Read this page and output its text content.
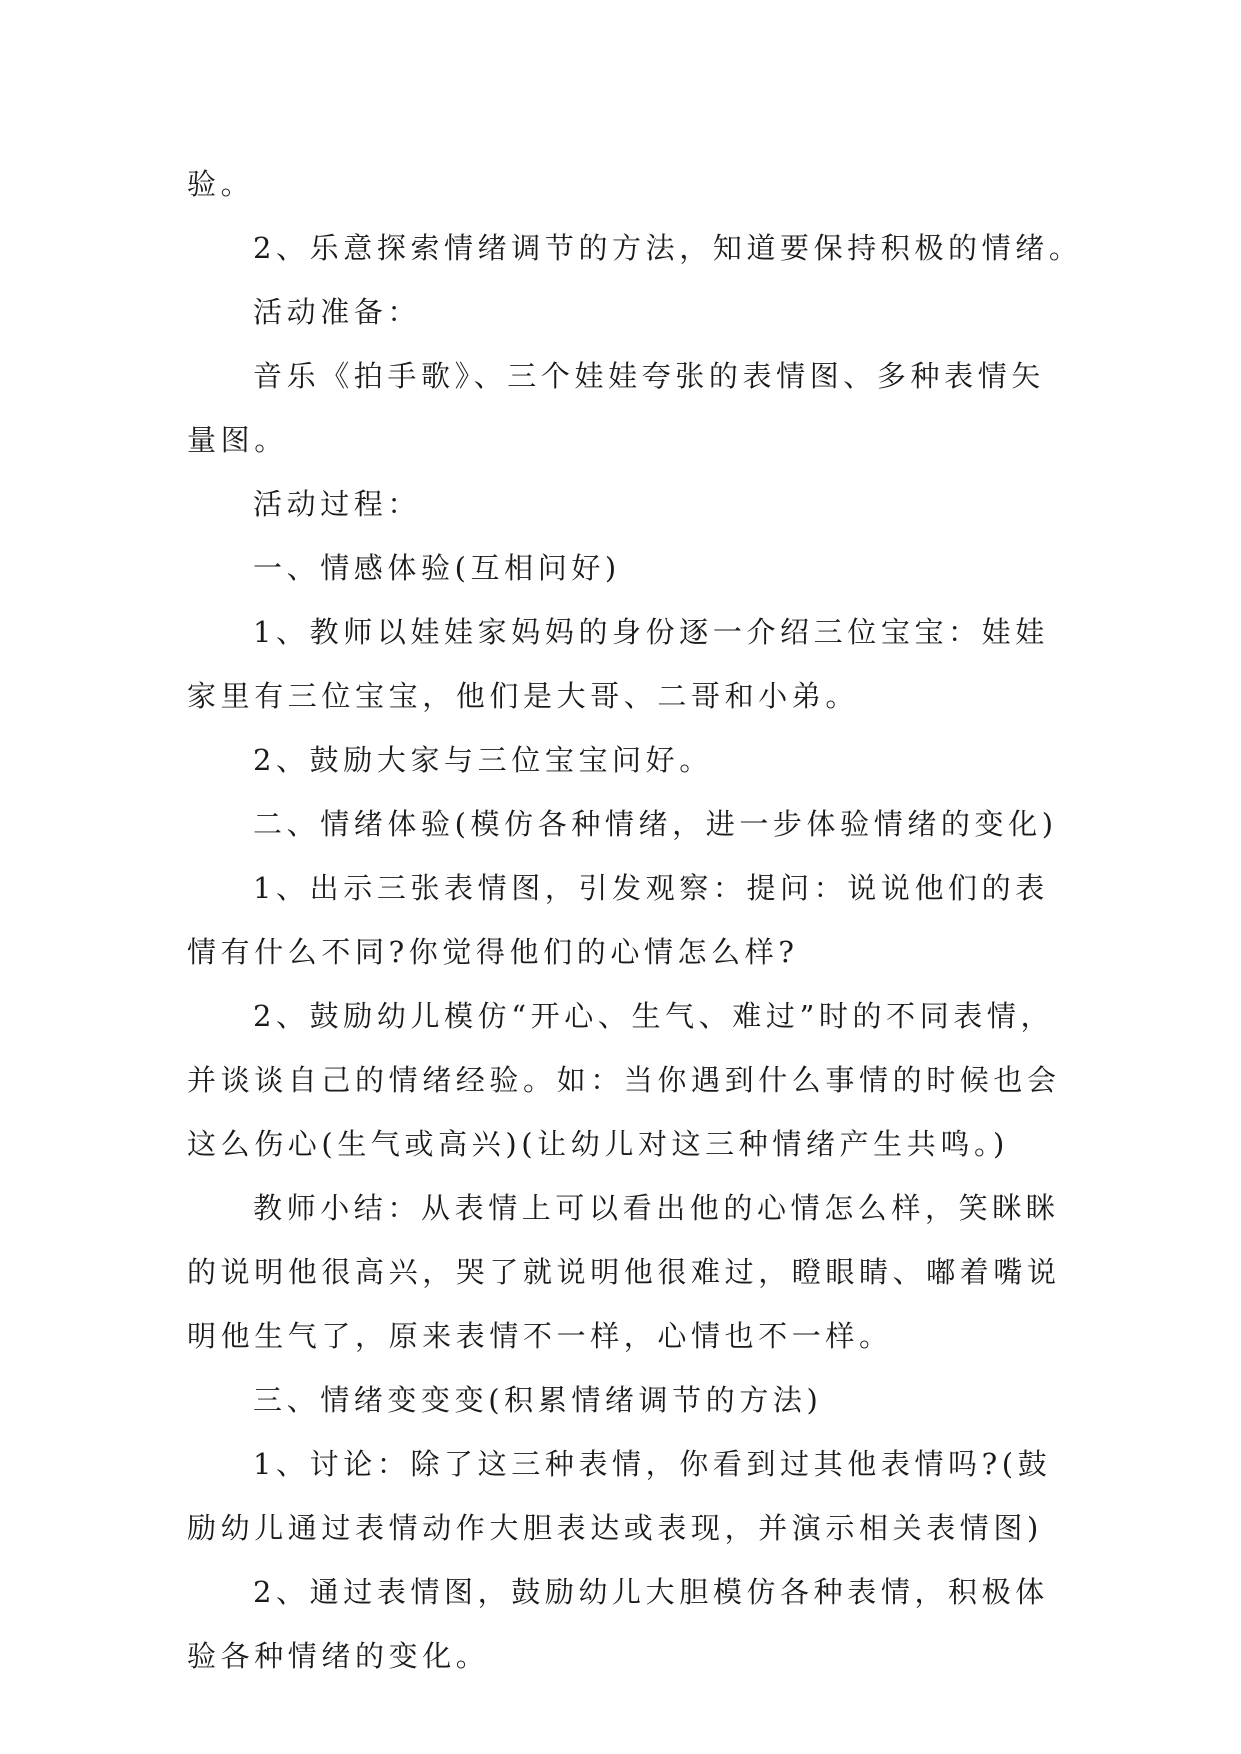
验。
2、乐意探索情绪调节的方法，知道要保持积极的情绪。
活动准备：
音乐《拍手歌》、三个娃娃夸张的表情图、多种表情矢
量图。
活动过程：
一、情感体验(互相问好)
1、教师以娃娃家妈妈的身份逐一介绍三位宝宝：娃娃
家里有三位宝宝，他们是大哥、二哥和小弟。
2、鼓励大家与三位宝宝问好。
二、情绪体验(模仿各种情绪，进一步体验情绪的变化)
1、出示三张表情图，引发观察：提问：说说他们的表
情有什么不同?你觉得他们的心情怎么样?
2、鼓励幼儿模仿“开心、生气、难过”时的不同表情，
并谈谈自己的情绪经验。如：当你遇到什么事情的时候也会
这么伤心(生气或高兴)(让幼儿对这三种情绪产生共鸣。)
教师小结：从表情上可以看出他的心情怎么样，笑眯眯
的说明他很高兴，哭了就说明他很难过，瞪眼睛、嘟着嘴说
明他生气了，原来表情不一样，心情也不一样。
三、情绪变变变(积累情绪调节的方法)
1、讨论：除了这三种表情，你看到过其他表情吗?(鼓
励幼儿通过表情动作大胆表达或表现，并演示相关表情图)
2、通过表情图，鼓励幼儿大胆模仿各种表情，积极体
验各种情绪的变化。
